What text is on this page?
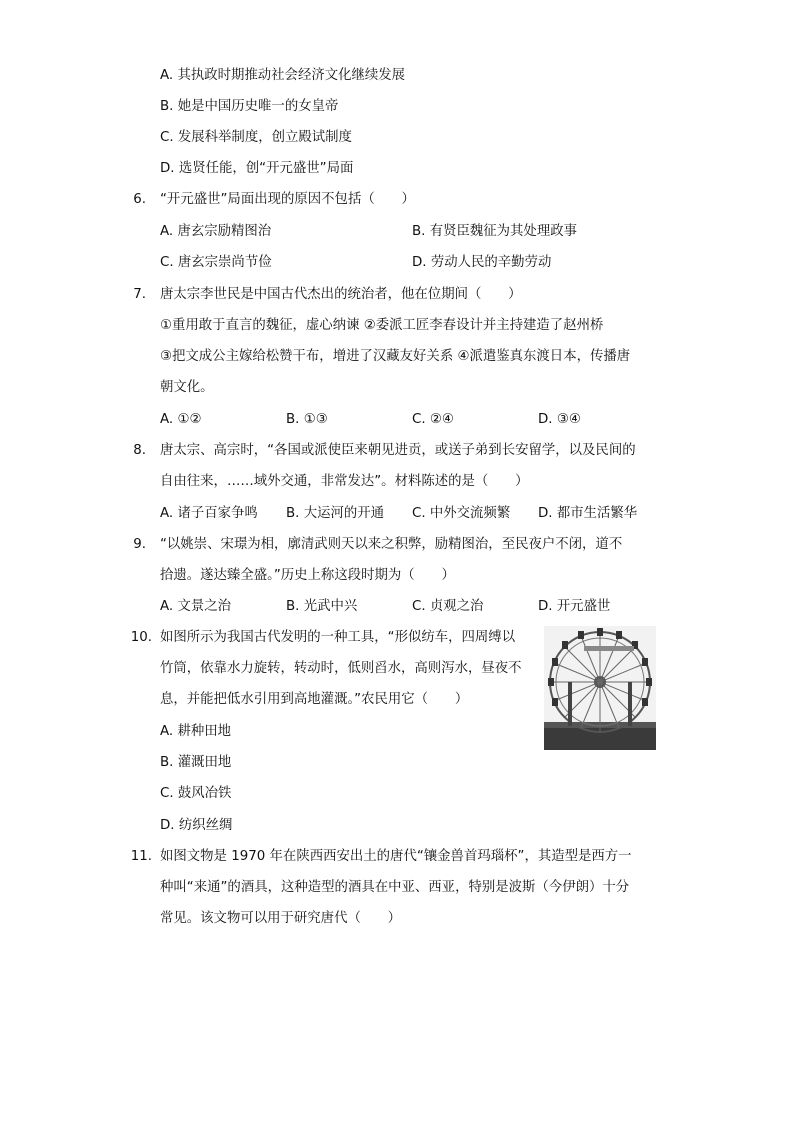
A. 其执政时期推动社会经济文化继续发展
B. 她是中国历史唯一的女皇帝
C. 发展科举制度，创立殿试制度
D. 选贤任能，创“开元盛世”局面
6. “开元盛世”局面出现的原因不包括（　　）
A. 唐玄宗励精图治	B. 有贤臣魏征为其处理政事
C. 唐玄宗崇尚节俭	D. 劳动人民的辛勤劳动
7. 唐太宗李世民是中国古代杰出的统治者，他在位期间（　　）
①重用敢于直言的魏征，虚心纳谏 ②委派工匠李春设计并主持建造了赵州桥
③把文成公主嫁给松赞干布，增进了汉藏友好关系 ④派遣鉴真东渡日本，传播唐
朝文化。
A. ①②	B. ①③	C. ②④	D. ③④
8. 唐太宗、高宗时，“各国或派使臣来朝见进贡，或送子弟到长安留学，以及民间的
自由往来，……域外交通，非常发达”。材料陈述的是（　　）
A. 诸子百家争鸣 B. 大运河的开通 C. 中外交流频繁 D. 都市生活繁华
9. “以姚崇、宋璟为相，廓清武则天以来之积弊，励精图治，至民夜户不闭，道不
拾遗。遂达臻全盛。”历史上称这段时期为（　　）
A. 文景之治	B. 光武中兴	C. 贞观之治	D. 开元盛世
10. 如图所示为我国古代发明的一种工具，“形似纺车，四周缚以
竹筒，依靠水力旋转，转动时，低则舀水，高则泻水，昼夜不
息，并能把低水引用到高地灌溉。”农民用它（　　）
A. 耕种田地
B. 灌溉田地
C. 鼓风冶铁
D. 纺织丝绸
11. 如图文物是 1970 年在陕西西安出土的唐代“镶金兽首玛瑙杯”，其造型是西方一
种叫“来通”的酒具，这种造型的酒具在中亚、西亚，特别是波斯（今伊朗）十分
常见。该文物可以用于研究唐代（　　）
